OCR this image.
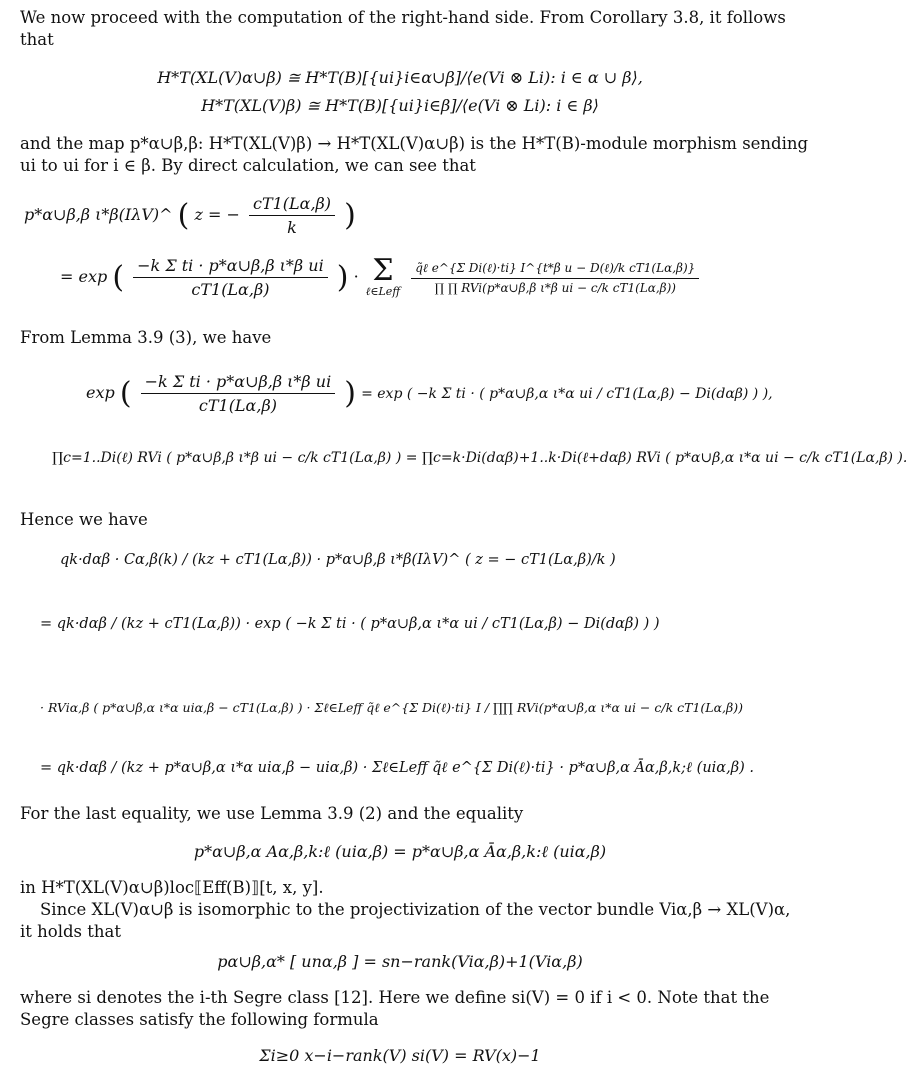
We now proceed with the computation of the right-hand side. From Corollary 3.8, it follows
that
H*T(XL(V)α∪β) ≅ H*T(B)[{ui}i∈α∪β]/⟨e(Vi ⊗ Li): i ∈ α ∪ β⟩,
H*T(XL(V)β) ≅ H*T(B)[{ui}i∈β]/⟨e(Vi ⊗ Li): i ∈ β⟩
and the map p*α∪β,β: H*T(XL(V)β) → H*T(XL(V)α∪β) is the H*T(B)-module morphism sending
ui to ui for i ∈ β. By direct calculation, we can see that
p*α∪β,β ι*β(IλV)^ ( z = − $\frac{cT1(L\alpha,\beta)}{k}$ )
= exp ( $\frac{\text{−k Σ ti · p*α∪β,β ι*β ui}}{cT1(L\alpha,\beta)}$ ) · Σ
ℓ∈Leff
$\frac{\text{q̃ℓ e\textasciicircum{}\{Σ Di(ℓ)·ti\} I\textasciicircum{}\{t*β u − D(ℓ)/k cT1(Lα,β)\}}}{\text{∏ ∏ RVi(p*α∪β,β ι*β ui − c/k cT1(Lα,β))}}$
From Lemma 3.9 (3), we have
exp ( $\frac{\text{−k Σ ti · p*α∪β,β ι*β ui}}{cT1(L\alpha,\beta)}$ ) = exp ( −k Σ ti · ( p*α∪β,α ι*α ui / cT1(Lα,β) − Di(dαβ) ) ),
∏c=1..Di(ℓ) RVi ( p*α∪β,β ι*β ui − c/k cT1(Lα,β) ) = ∏c=k·Di(dαβ)+1..k·Di(ℓ+dαβ) RVi ( p*α∪β,α ι*α ui − c/k cT1(Lα,β) ).
Hence we have
qk·dαβ · Cα,β(k) / (kz + cT1(Lα,β)) · p*α∪β,β ι*β(IλV)^ ( z = − cT1(Lα,β)/k )
= qk·dαβ / (kz + cT1(Lα,β)) · exp ( −k Σ ti · ( p*α∪β,α ι*α ui / cT1(Lα,β) − Di(dαβ) ) )
· RViα,β ( p*α∪β,α ι*α uiα,β − cT1(Lα,β) ) · Σℓ∈Leff q̃ℓ e^{Σ Di(ℓ)·ti} I / ∏∏ RVi(p*α∪β,α ι*α ui − c/k cT1(Lα,β))
= qk·dαβ / (kz + p*α∪β,α ι*α uiα,β − uiα,β) · Σℓ∈Leff q̃ℓ e^{Σ Di(ℓ)·ti} · p*α∪β,α Āα,β,k;ℓ (uiα,β) .
For the last equality, we use Lemma 3.9 (2) and the equality
p*α∪β,α Aα,β,k:ℓ (uiα,β) = p*α∪β,α Āα,β,k:ℓ (uiα,β)
in H*T(XL(V)α∪β)loc⟦Eff(B)⟧[t, x, y].
Since XL(V)α∪β is isomorphic to the projectivization of the vector bundle Viα,β → XL(V)α,
it holds that
pα∪β,α* [ unα,β ] = sn−rank(Viα,β)+1(Viα,β)
where si denotes the i-th Segre class [12]. Here we define si(V) = 0 if i < 0. Note that the
Segre classes satisfy the following formula
Σi≥0 x−i−rank(V) si(V) = RV(x)−1
